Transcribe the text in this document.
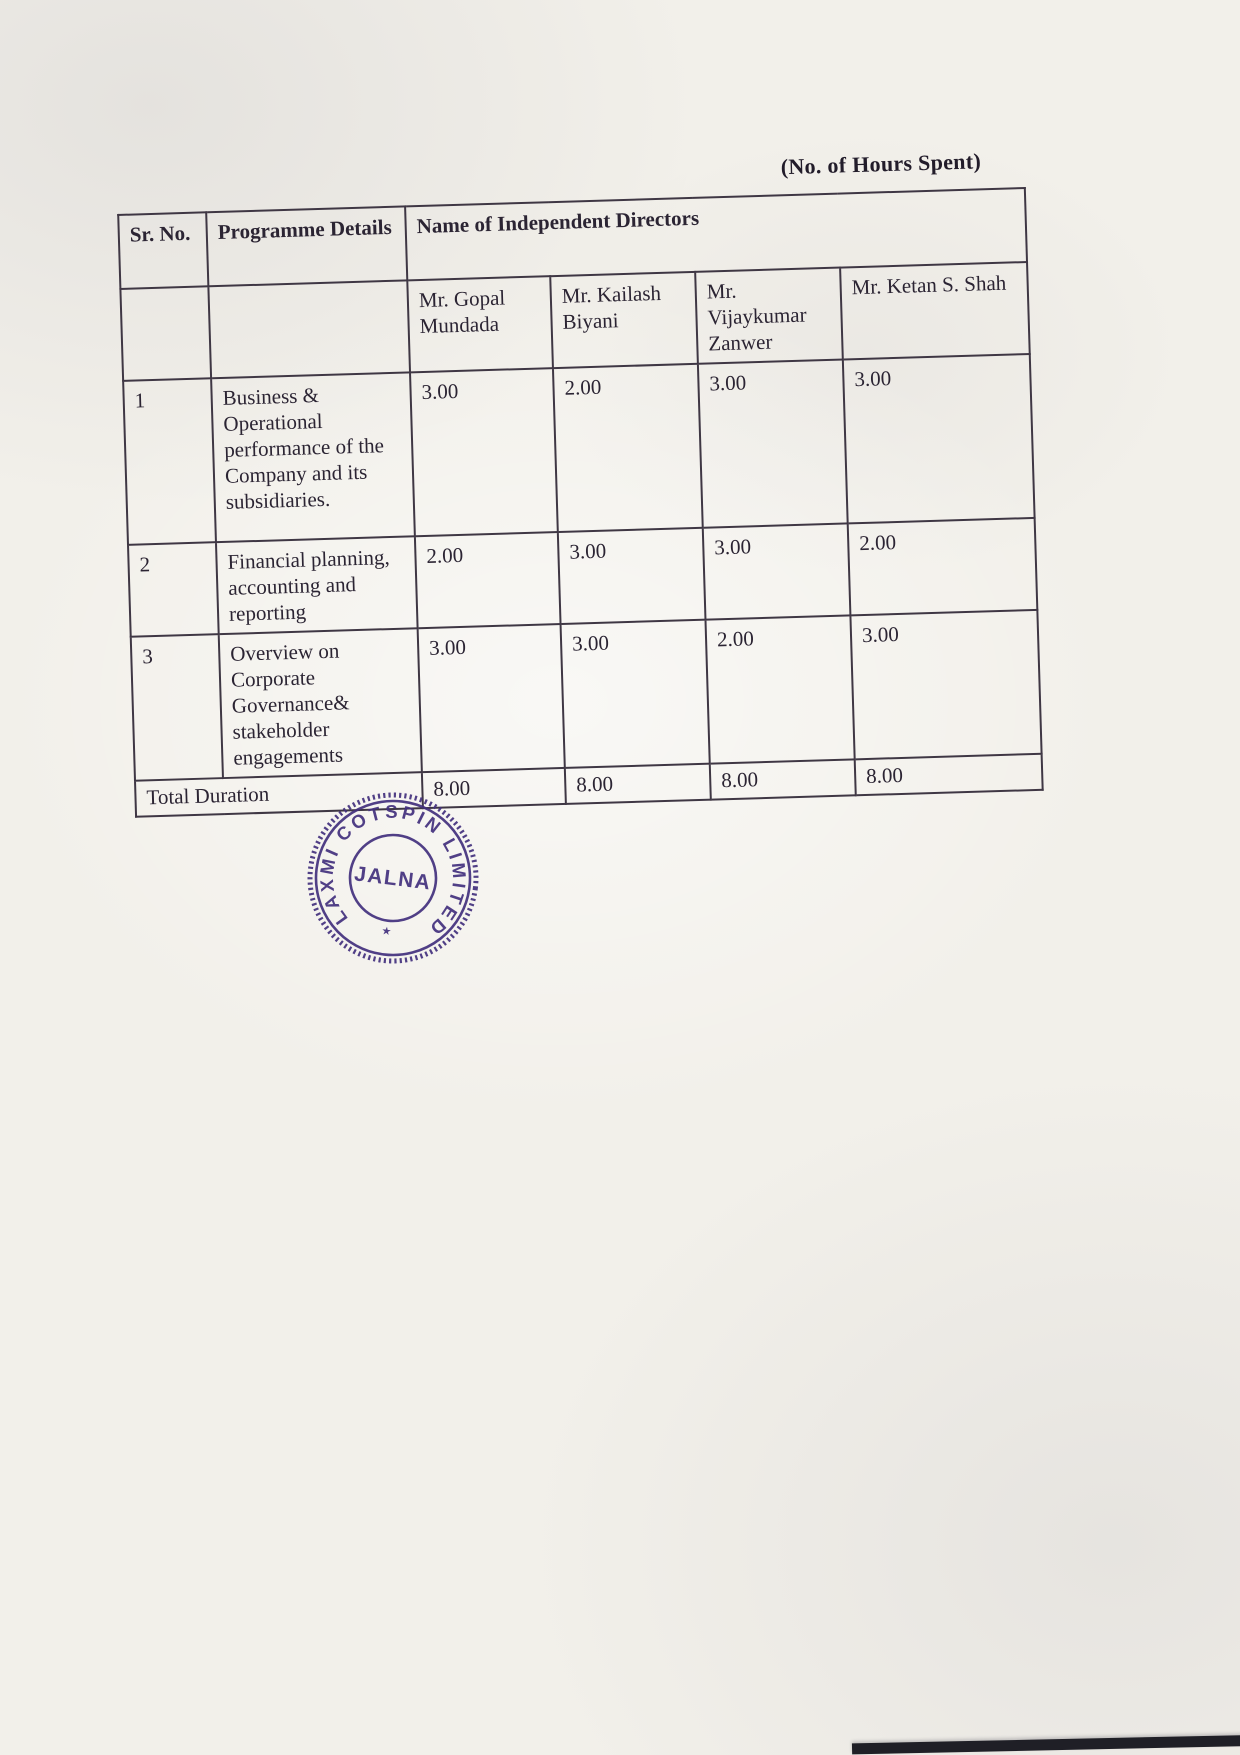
(No. of Hours Spent)
Sr. No.	Programme Details	Name of Independent Directors			
		Mr. Gopal Mundada	Mr. Kailash Biyani	Mr. Vijaykumar Zanwer	Mr. Ketan S. Shah
1	Business & Operational performance of the Company and its subsidiaries.	3.00	2.00	3.00	3.00
2	Financial planning, accounting and reporting	2.00	3.00	3.00	2.00
3	Overview on Corporate Governance& stakeholder engagements	3.00	3.00	2.00	3.00
Total Duration		8.00	8.00	8.00	8.00
LAXMI COTSPIN LIMITED
JALNA
★
